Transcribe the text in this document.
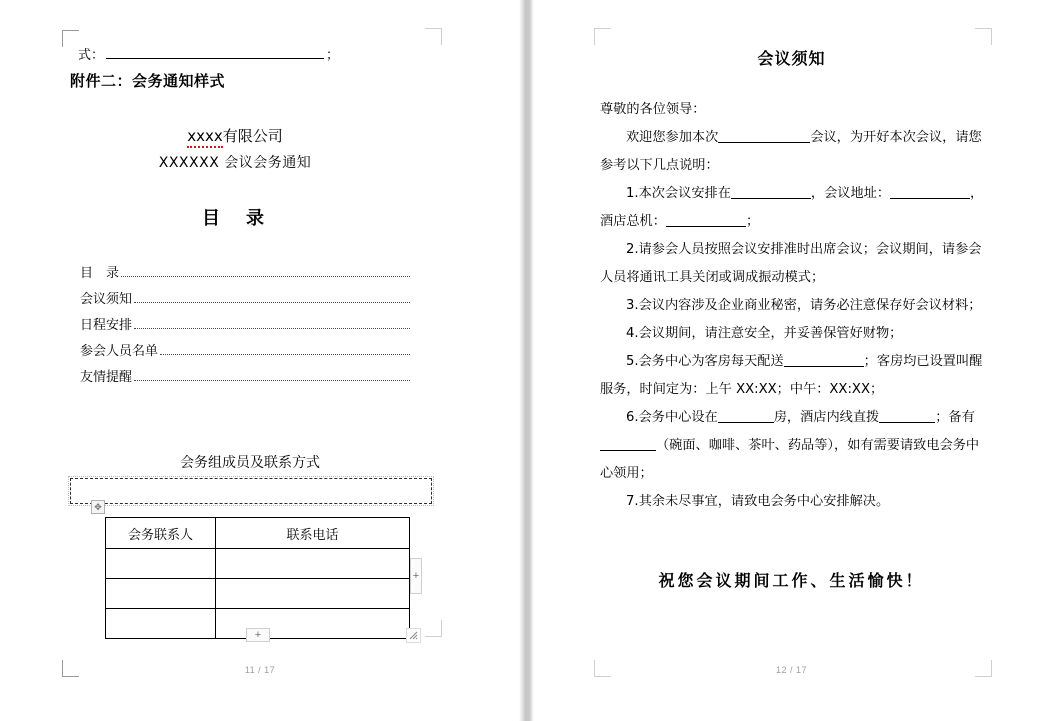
式：	；
附件二：会务通知样式
xxxx有限公司
XXXXXX 会议会务通知
目　录
目　录
会议须知
日程安排
参会人员名单
友情提醒
会务组成员及联系方式
✥
会务联系人	联系电话

+
+
11 / 17
会议须知

尊敬的各位领导：

欢迎您参加本次	会议，为开好本次会议，请您参考以下几点说明：

1.本次会议安排在	，会议地址：	，酒店总机：	；

2.请参会人员按照会议安排准时出席会议；会议期间，请参会人员将通讯工具关闭或调成振动模式；

3.会议内容涉及企业商业秘密，请务必注意保存好会议材料；

4.会议期间，请注意安全，并妥善保管好财物；

5.会务中心为客房每天配送	；客房均已设置叫醒服务，时间定为：上午 XX:XX；中午：XX:XX；

6.会务中心设在	房，酒店内线直拨	；备有（碗面、咖啡、茶叶、药品等），如有需要请致电会务中心领用；

7.其余未尽事宜，请致电会务中心安排解决。

祝您会议期间工作、生活愉快！
12 / 17
